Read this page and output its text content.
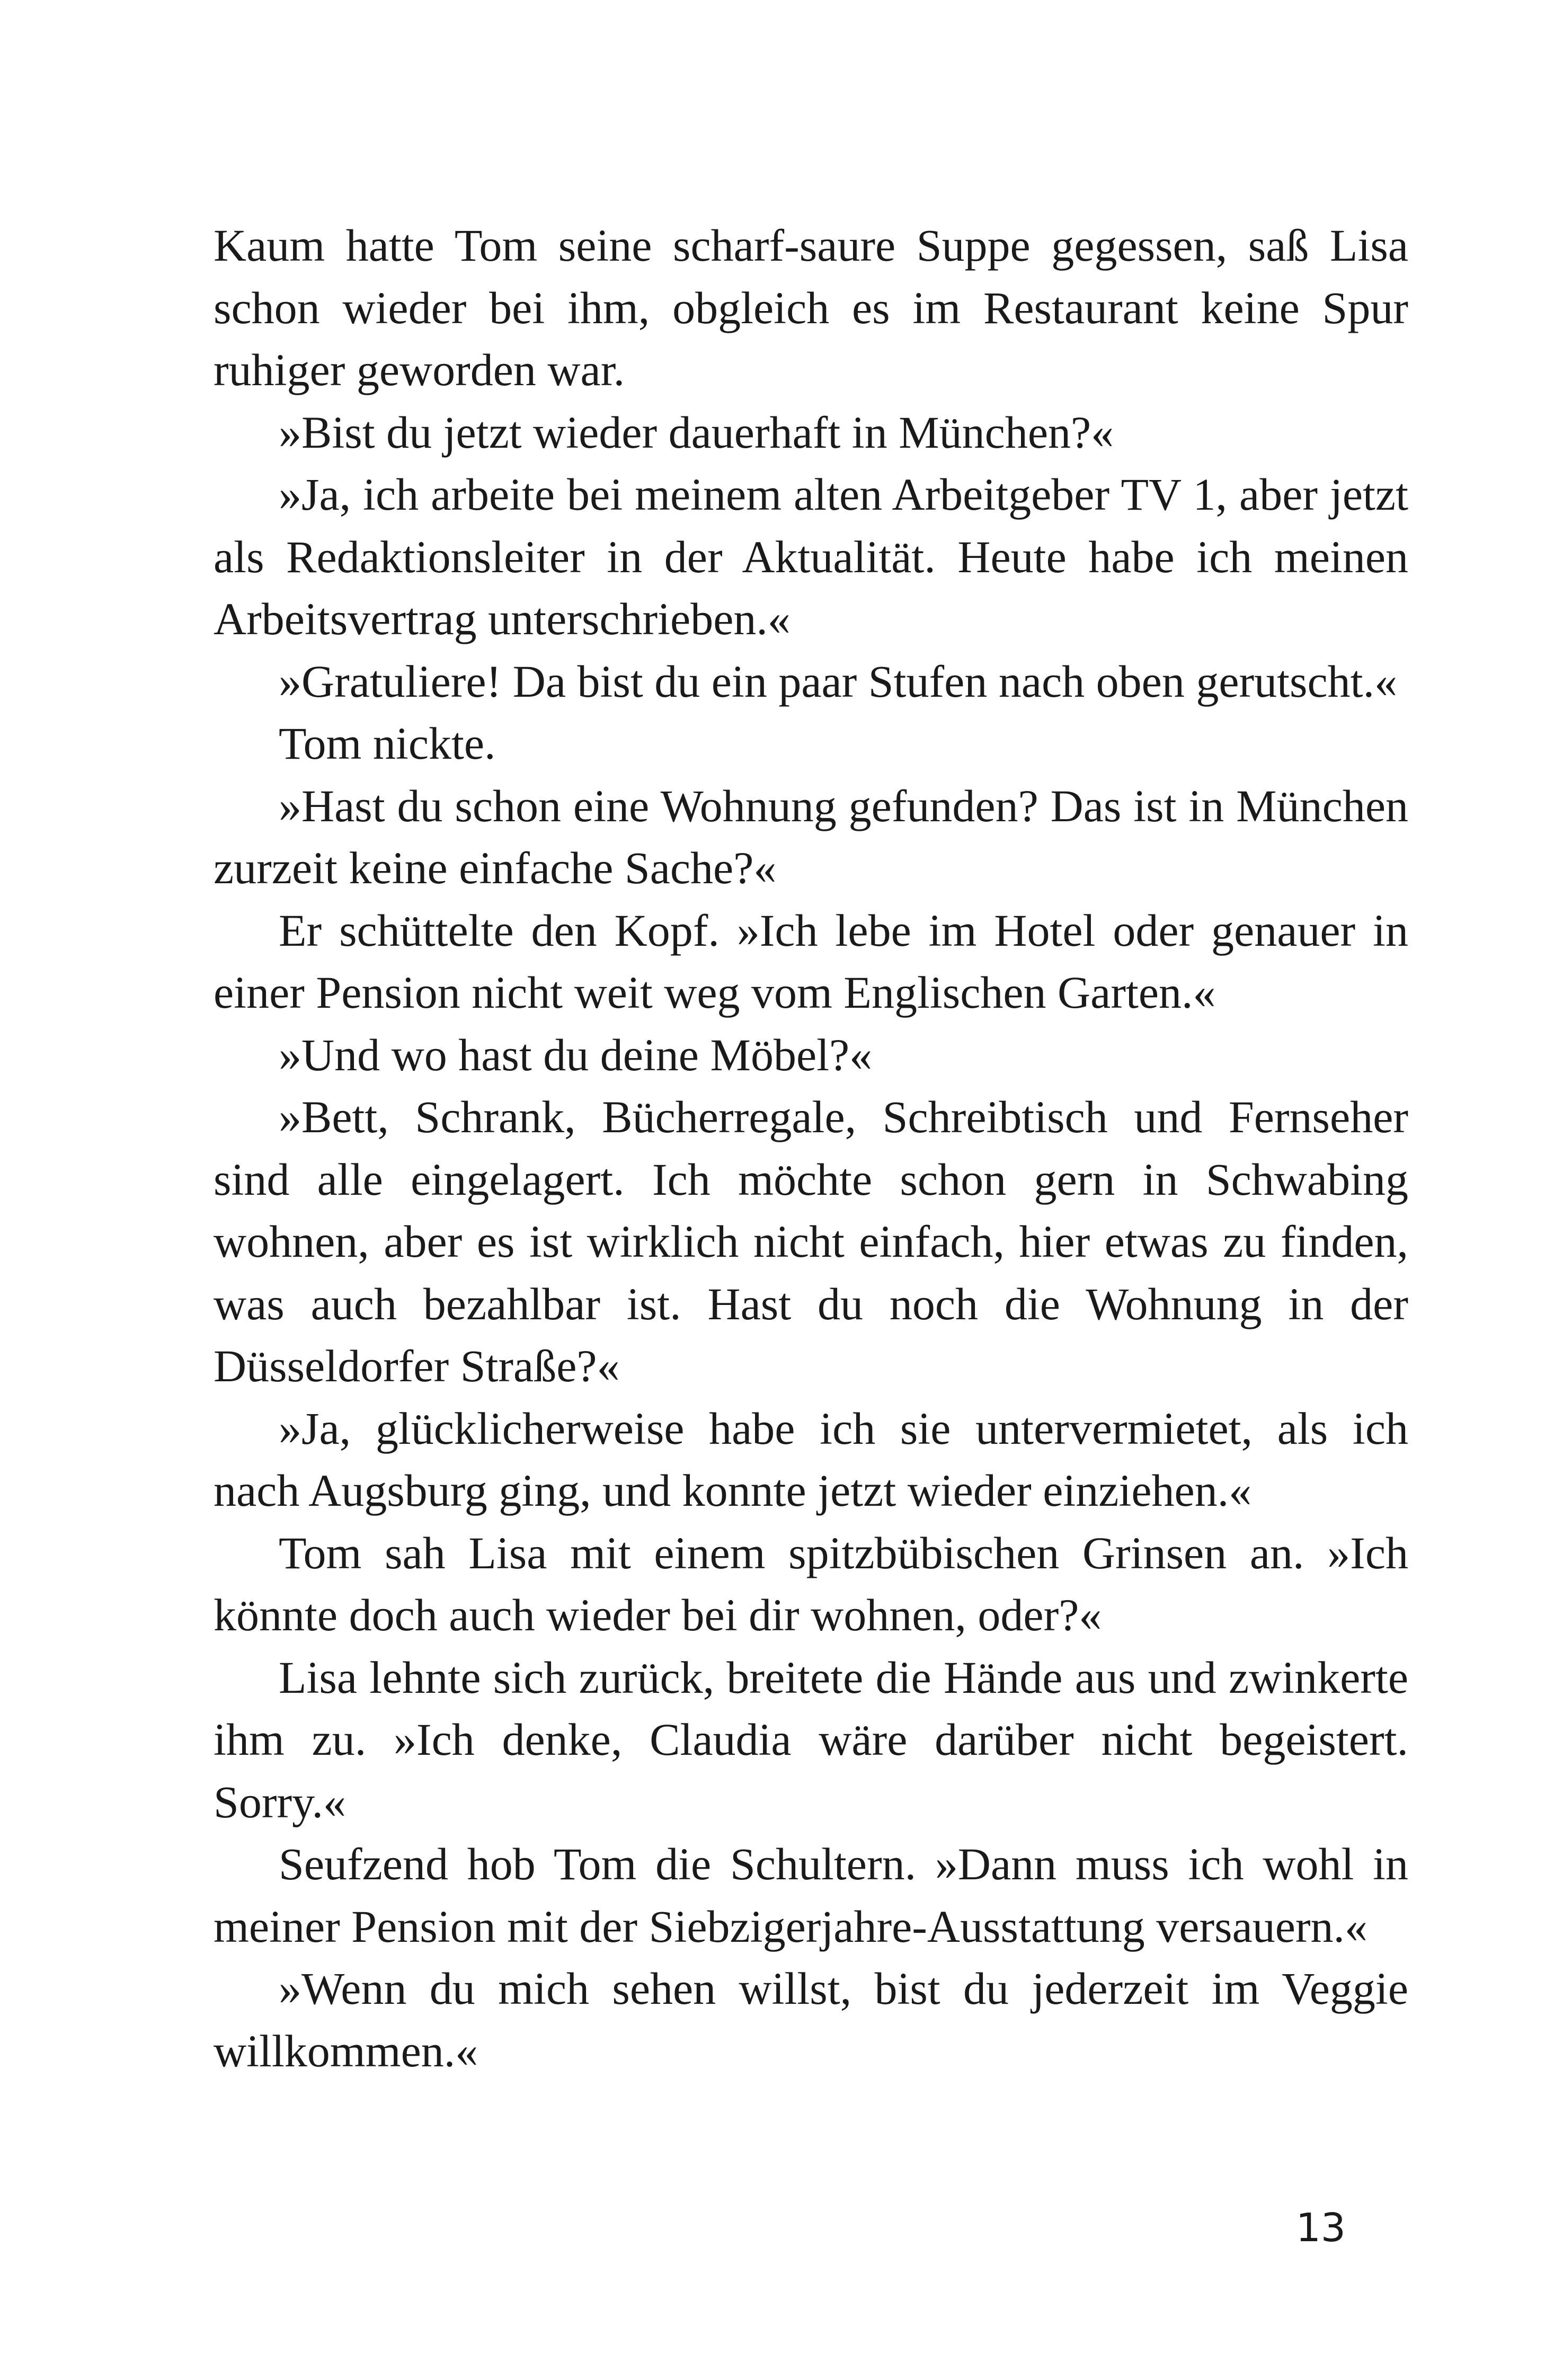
Kaum hatte Tom seine scharf-saure Suppe gegessen, saß Lisa schon wieder bei ihm, obgleich es im Restaurant keine Spur ruhiger geworden war.

»Bist du jetzt wieder dauerhaft in München?«

»Ja, ich arbeite bei meinem alten Arbeitgeber TV 1, aber jetzt als Redaktionsleiter in der Aktualität. Heute habe ich meinen Arbeitsvertrag unterschrieben.«

»Gratuliere! Da bist du ein paar Stufen nach oben gerutscht.«

Tom nickte.

»Hast du schon eine Wohnung gefunden? Das ist in München zurzeit keine einfache Sache?«

Er schüttelte den Kopf. »Ich lebe im Hotel oder genauer in einer Pension nicht weit weg vom Englischen Garten.«

»Und wo hast du deine Möbel?«

»Bett, Schrank, Bücherregale, Schreibtisch und Fernseher sind alle eingelagert. Ich möchte schon gern in Schwabing wohnen, aber es ist wirklich nicht einfach, hier etwas zu finden, was auch bezahlbar ist. Hast du noch die Wohnung in der Düsseldorfer Straße?«

»Ja, glücklicherweise habe ich sie untervermietet, als ich nach Augsburg ging, und konnte jetzt wieder einziehen.«

Tom sah Lisa mit einem spitzbübischen Grinsen an. »Ich könnte doch auch wieder bei dir wohnen, oder?«

Lisa lehnte sich zurück, breitete die Hände aus und zwinkerte ihm zu. »Ich denke, Claudia wäre darüber nicht begeistert. Sorry.«

Seufzend hob Tom die Schultern. »Dann muss ich wohl in meiner Pension mit der Siebzigerjahre-Ausstattung versauern.«

»Wenn du mich sehen willst, bist du jederzeit im Veggie willkommen.«

13
